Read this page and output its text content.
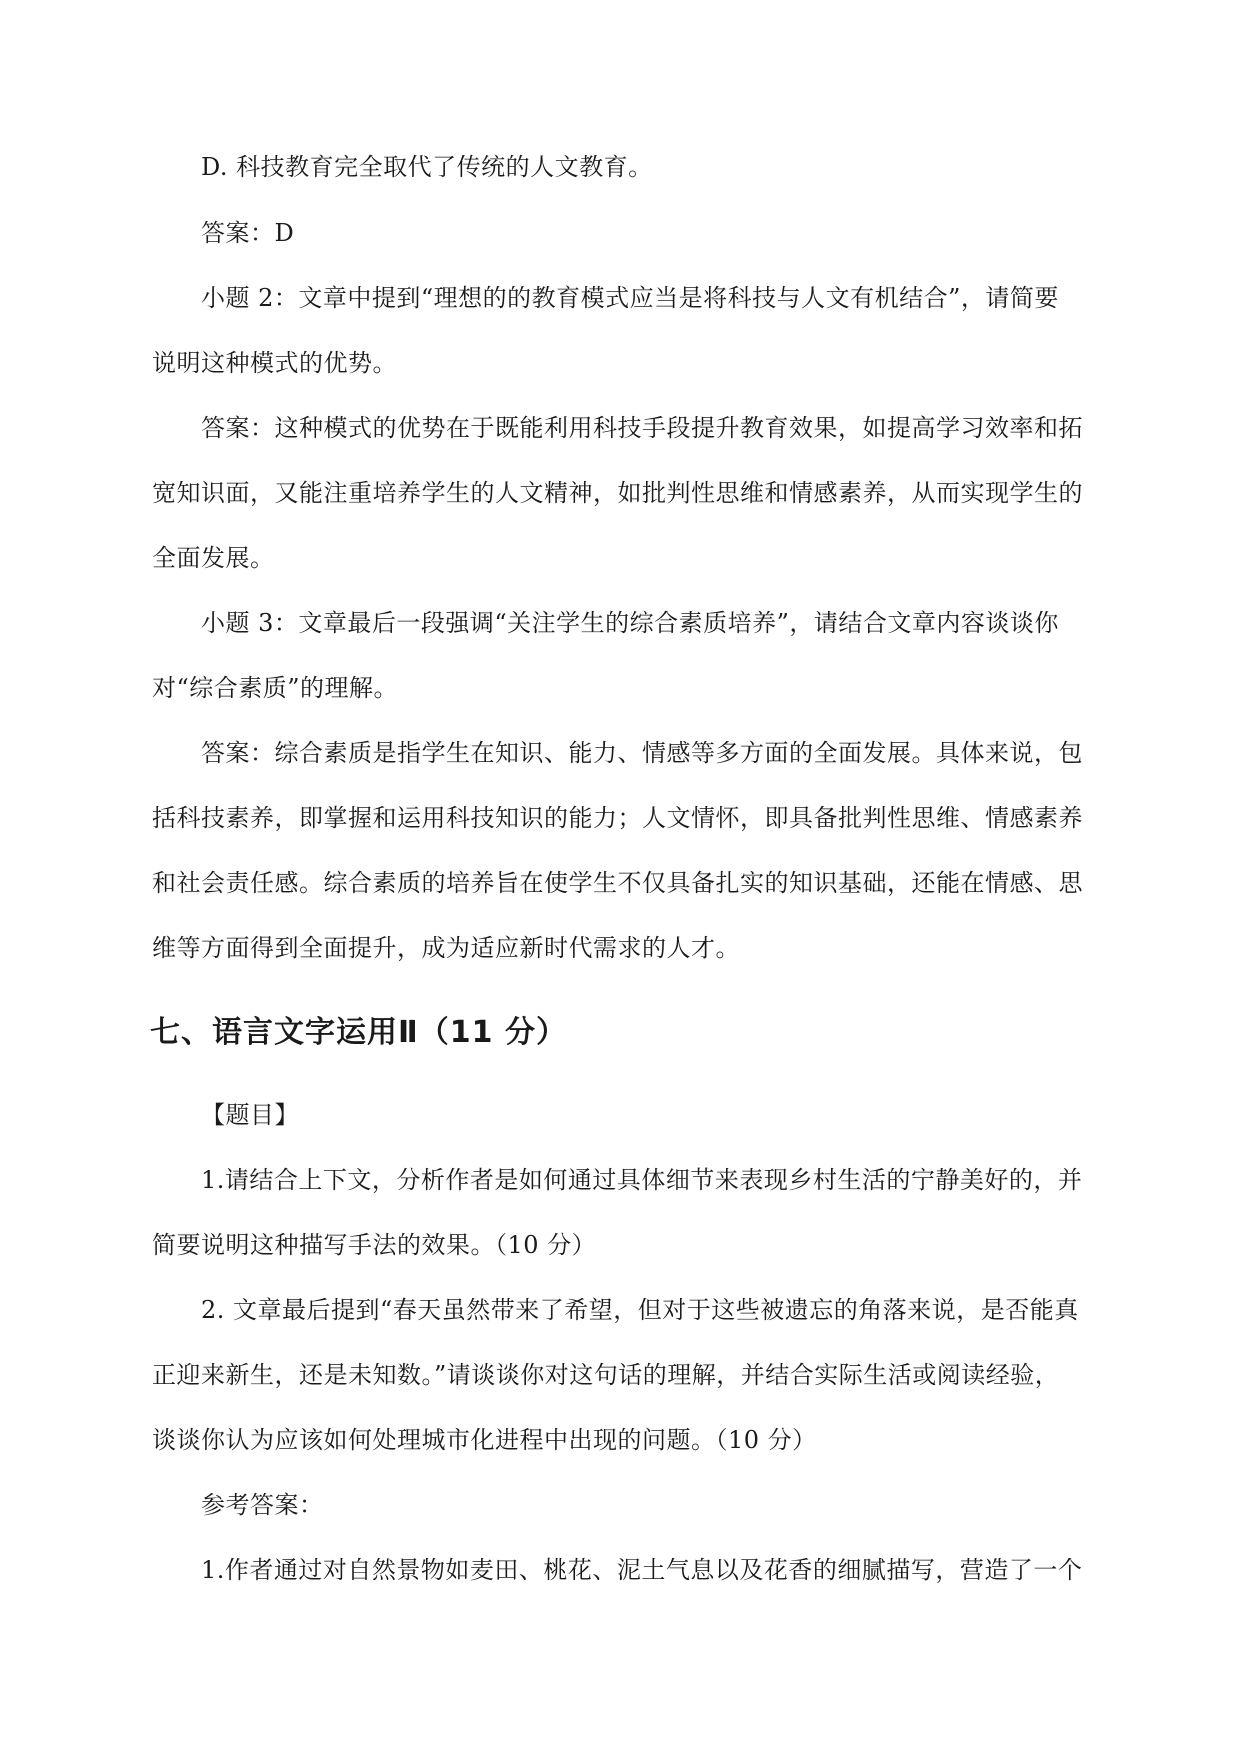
D. 科技教育完全取代了传统的人文教育。
答案：D
小题 2：文章中提到“理想的的教育模式应当是将科技与人文有机结合”，请简要
说明这种模式的优势。
答案：这种模式的优势在于既能利用科技手段提升教育效果，如提高学习效率和拓
宽知识面，又能注重培养学生的人文精神，如批判性思维和情感素养，从而实现学生的
全面发展。
小题 3：文章最后一段强调“关注学生的综合素质培养”，请结合文章内容谈谈你
对“综合素质”的理解。
答案：综合素质是指学生在知识、能力、情感等多方面的全面发展。具体来说，包
括科技素养，即掌握和运用科技知识的能力；人文情怀，即具备批判性思维、情感素养
和社会责任感。综合素质的培养旨在使学生不仅具备扎实的知识基础，还能在情感、思
维等方面得到全面提升，成为适应新时代需求的人才。
七、语言文字运用Ⅱ（11 分）
【题目】
1.请结合上下文，分析作者是如何通过具体细节来表现乡村生活的宁静美好的，并
简要说明这种描写手法的效果。（10 分）
2. 文章最后提到“春天虽然带来了希望，但对于这些被遗忘的角落来说，是否能真
正迎来新生，还是未知数。”请谈谈你对这句话的理解，并结合实际生活或阅读经验，
谈谈你认为应该如何处理城市化进程中出现的问题。（10 分）
参考答案：
1.作者通过对自然景物如麦田、桃花、泥土气息以及花香的细腻描写，营造了一个
